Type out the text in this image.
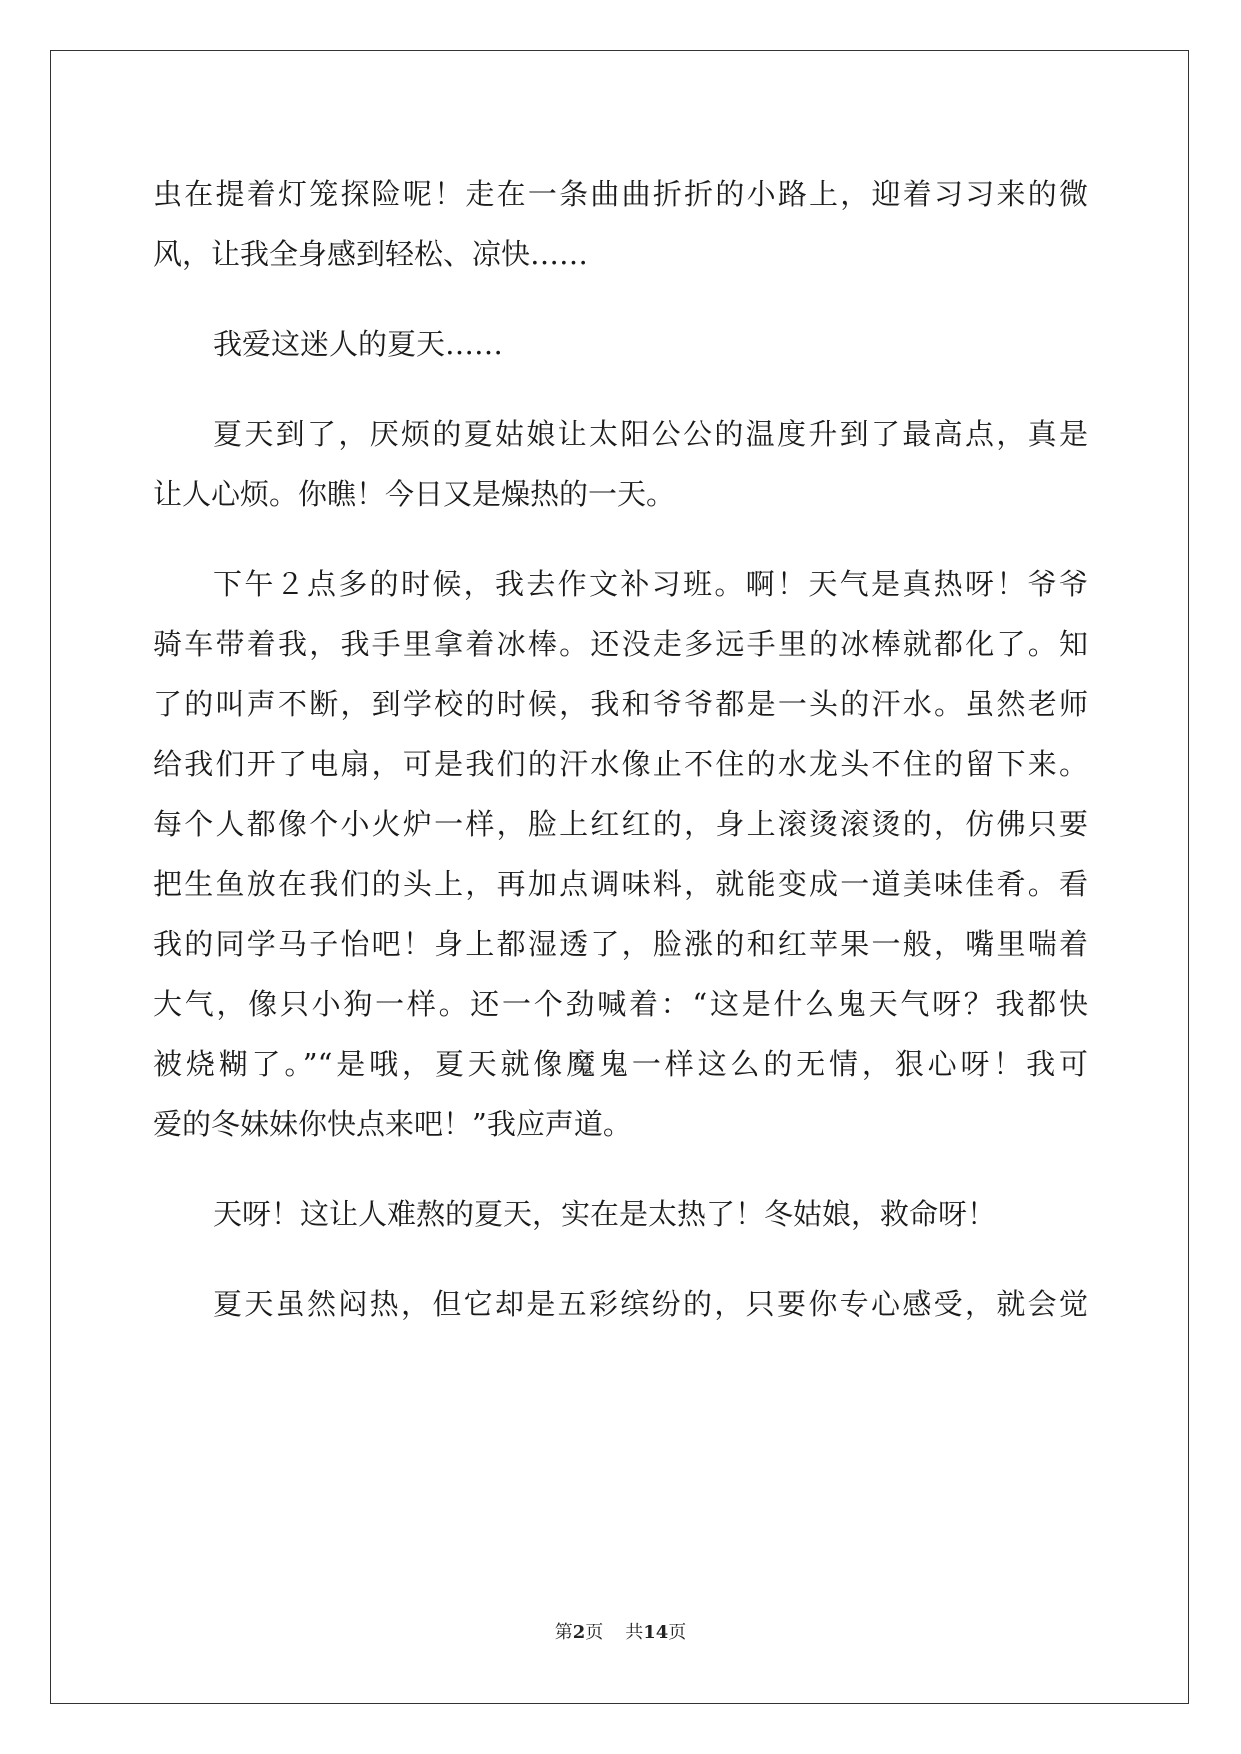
虫在提着灯笼探险呢！走在一条曲曲折折的小路上，迎着习习来的微
风，让我全身感到轻松、凉快……
我爱这迷人的夏天……
夏天到了，厌烦的夏姑娘让太阳公公的温度升到了最高点，真是
让人心烦。你瞧！今日又是燥热的一天。
下午２点多的时候，我去作文补习班。啊！天气是真热呀！爷爷
骑车带着我，我手里拿着冰棒。还没走多远手里的冰棒就都化了。知
了的叫声不断，到学校的时候，我和爷爷都是一头的汗水。虽然老师
给我们开了电扇，可是我们的汗水像止不住的水龙头不住的留下来。
每个人都像个小火炉一样，脸上红红的，身上滚烫滚烫的，仿佛只要
把生鱼放在我们的头上，再加点调味料，就能变成一道美味佳肴。看
我的同学马子怡吧！身上都湿透了，脸涨的和红苹果一般，嘴里喘着
大气，像只小狗一样。还一个劲喊着：“这是什么鬼天气呀？我都快
被烧糊了。”“是哦，夏天就像魔鬼一样这么的无情，狠心呀！我可
爱的冬妹妹你快点来吧！”我应声道。
天呀！这让人难熬的夏天，实在是太热了！冬姑娘，救命呀！
夏天虽然闷热，但它却是五彩缤纷的，只要你专心感受，就会觉
第2页 共14页
